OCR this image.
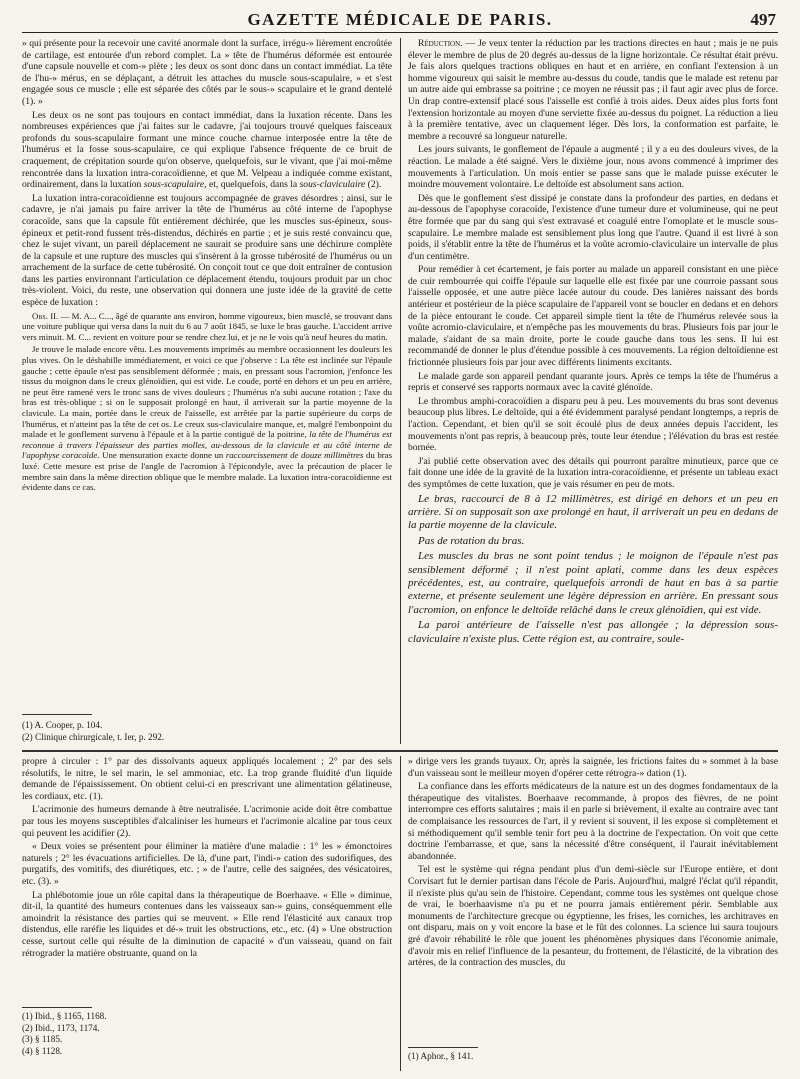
GAZETTE MÉDICALE DE PARIS.	497

» qui présente pour la recevoir une cavité anormale dont la surface, irrégu-» lièrement encroûtée de cartilage, est entourée d'un rebord complet. La » tête de l'humérus déformée est entourée d'une capsule nouvelle et com-» plète ; les deux os sont donc dans un contact immédiat. La tête de l'hu-» mérus, en se déplaçant, a détruit les attaches du muscle sous-scapulaire, » et s'est engagée sous ce muscle ; elle est séparée des côtés par le sous-» scapulaire et le grand dentelé (1). »

Les deux os ne sont pas toujours en contact immédiat, dans la luxation récente. Dans les nombreuses expériences que j'ai faites sur le cadavre, j'ai toujours trouvé quelques faisceaux profonds du sous-scapulaire formant une mince couche charnue interposée entre la tête de l'humérus et la fosse sous-scapulaire, ce qui explique l'absence fréquente de ce bruit de craquement, de crépitation sourde qu'on observe, quelquefois, sur le vivant, que j'ai moi-même rencontrée dans la luxation intra-coracoïdienne, et que M. Velpeau a indiquée comme existant, ordinairement, dans la luxation sous-scapulaire, et, quelquefois, dans la sous-claviculaire (2).

La luxation intra-coracoïdienne est toujours accompagnée de graves désordres ; ainsi, sur le cadavre, je n'ai jamais pu faire arriver la tête de l'humérus au côté interne de l'apophyse coracoïde, sans que la capsule fût entièrement déchirée, que les muscles sus-épineux, sous-épineux et petit-rond fussent très-distendus, déchirés en partie ; et je suis resté convaincu que, chez le sujet vivant, un pareil déplacement ne saurait se produire sans une déchirure complète de la capsule et une rupture des muscles qui s'insèrent à la grosse tubérosité de l'humérus ou un arrachement de la surface de cette tubérosité. On conçoit tout ce que doit entraîner de contusion dans les parties environnant l'articulation ce déplacement étendu, toujours produit par un choc très-violent. Voici, du reste, une observation qui donnera une juste idée de la gravité de cette espèce de luxation :

Obs. II. — M. A... C..., âgé de quarante ans environ, homme vigoureux, bien musclé, se trouvant dans une voiture publique qui versa dans la nuit du 6 au 7 août 1845, se luxe le bras gauche. L'accident arrive vers minuit. M. C... revient en voiture pour se rendre chez lui, et je ne le vois qu'à neuf heures du matin.

Je trouve le malade encore vêtu. Les mouvements imprimés au membre occasionnent les douleurs les plus vives. On le déshabille immédiatement, et voici ce que j'observe : La tête est inclinée sur l'épaule gauche ; cette épaule n'est pas sensiblement déformée ; mais, en pressant sous l'acromion, j'enfonce les tissus du moignon dans le creux glénoïdien, qui est vide. Le coude, porté en dehors et un peu en arrière, ne peut être ramené vers le tronc sans de vives douleurs ; l'humérus n'a subi aucune rotation ; l'axe du bras est très-oblique ; si on le supposait prolongé en haut, il arriverait sur la partie moyenne de la clavicule. La main, portée dans le creux de l'aisselle, est arrêtée par la partie supérieure du corps de l'humérus, et n'atteint pas la tête de cet os. Le creux sus-claviculaire manque, et, malgré l'embonpoint du malade et le gonflement survenu à l'épaule et à la partie contiguë de la poitrine, la tête de l'humérus est reconnue à travers l'épaisseur des parties molles, au-dessous de la clavicule et au côté interne de l'apophyse coracoïde. Une mensuration exacte donne un raccourcissement de douze millimètres du bras luxé. Cette mesure est prise de l'angle de l'acromion à l'épicondyle, avec la précaution de placer le membre sain dans la même direction oblique que le membre malade. La luxation intra-coracoïdienne est évidente dans ce cas.

(1) A. Cooper, p. 104.
(2) Clinique chirurgicale, t. Ier, p. 292.

Réduction. — Je veux tenter la réduction par les tractions directes en haut ; mais je ne puis élever le membre de plus de 20 degrés au-dessus de la ligne horizontale. Ce résultat était prévu. Je fais alors quelques tractions obliques en haut et en arrière, en confiant l'extension à un homme vigoureux qui saisit le membre au-dessus du coude, tandis que le malade est retenu par un autre aide qui embrasse sa poitrine ; ce moyen ne réussit pas ; il faut agir avec plus de force. Un drap contre-extensif placé sous l'aisselle est confié à trois aides. Deux aides plus forts font l'extension horizontale au moyen d'une serviette fixée au-dessus du poignet. La réduction a lieu à la première tentative, avec un claquement léger. Dès lors, la conformation est parfaite, le membre a recouvré sa longueur naturelle.

Les jours suivants, le gonflement de l'épaule a augmenté ; il y a eu des douleurs vives, de la réaction. Le malade a été saigné. Vers le dixième jour, nous avons commencé à imprimer des mouvements à l'articulation. Un mois entier se passe sans que le malade puisse exécuter le moindre mouvement volontaire. Le deltoïde est absolument sans action.

Dès que le gonflement s'est dissipé je constate dans la profondeur des parties, en dedans et au-dessous de l'apophyse coracoïde, l'existence d'une tumeur dure et volumineuse, qui ne peut être formée que par du sang qui s'est extravasé et coagulé entre l'omoplate et le muscle sous-scapulaire. Le membre malade est sensiblement plus long que l'autre. Quand il est livré à son poids, il s'établit entre la tête de l'humérus et la voûte acromio-claviculaire un intervalle de plus d'un centimètre.

Pour remédier à cet écartement, je fais porter au malade un appareil consistant en une pièce de cuir rembourrée qui coiffe l'épaule sur laquelle elle est fixée par une courroie passant sous l'aisselle opposée, et une autre pièce lacée autour du coude. Des lanières naissant des bords antérieur et postérieur de la pièce scapulaire de l'appareil vont se boucler en dedans et en dehors de la pièce entourant le coude. Cet appareil simple tient la tête de l'humérus relevée sous la voûte acromio-claviculaire, et n'empêche pas les mouvements du bras. Plusieurs fois par jour le malade, s'aidant de sa main droite, porte le coude gauche dans tous les sens. Il lui est recommandé de donner le plus d'étendue possible à ces mouvements. La région deltoïdienne est frictionnée plusieurs fois par jour avec différents liniments excitants.

Le malade garde son appareil pendant quarante jours. Après ce temps la tête de l'humérus a repris et conservé ses rapports normaux avec la cavité glénoïde.

Le thrombus amphi-coracoïdien a disparu peu à peu. Les mouvements du bras sont devenus beaucoup plus libres. Le deltoïde, qui a été évidemment paralysé pendant longtemps, a repris de l'action. Cependant, et bien qu'il se soit écoulé plus de deux années depuis l'accident, les mouvements n'ont pas repris, à beaucoup près, toute leur étendue ; l'élévation du bras est restée bornée.

J'ai publié cette observation avec des détails qui pourront paraître minutieux, parce que ce fait donne une idée de la gravité de la luxation intra-coracoïdienne, et présente un tableau exact des symptômes de cette luxation, que je vais résumer en peu de mots.

Le bras, raccourci de 8 à 12 millimètres, est dirigé en dehors et un peu en arrière. Si on supposait son axe prolongé en haut, il arriverait un peu en dedans de la partie moyenne de la clavicule.

Pas de rotation du bras.

Les muscles du bras ne sont point tendus ; le moignon de l'épaule n'est pas sensiblement déformé ; il n'est point aplati, comme dans les deux espèces précédentes, est, au contraire, quelquefois arrondi de haut en bas à sa partie externe, et présente seulement une légère dépression en arrière. En pressant sous l'acromion, on enfonce le deltoïde relâché dans le creux glénoïdien, qui est vide.

La paroi antérieure de l'aisselle n'est pas allongée ; la dépression sous-claviculaire n'existe plus. Cette région est, au contraire, soule-

propre à circuler : 1° par des dissolvants aqueux appliqués localement ; 2° par des sels résolutifs, le nitre, le sel marin, le sel ammoniac, etc. La trop grande fluidité d'un liquide demande de l'épaississement. On obtient celui-ci en prescrivant une alimentation gélatineuse, les cordiaux, etc. (1).

L'acrimonie des humeurs demande à être neutralisée. L'acrimonie acide doit être combattue par tous les moyens susceptibles d'alcaliniser les humeurs et l'acrimonie alcaline par tous ceux qui peuvent les acidifier (2).

« Deux voies se présentent pour éliminer la matière d'une maladie : 1° les » émonctoires naturels ; 2° les évacuations artificielles. De là, d'une part, l'indi-» cation des sudorifiques, des purgatifs, des vomitifs, des diurétiques, etc. ; » de l'autre, celle des saignées, des vésicatoires, etc. (3). »

La phlébotomie joue un rôle capital dans la thérapeutique de Boerhaave. « Elle » diminue, dit-il, la quantité des humeurs contenues dans les vaisseaux san-» guins, conséquemment elle amoindrit la résistance des parties qui se meuvent. » Elle rend l'élasticité aux canaux trop distendus, elle raréfie les liquides et dé-» truit les obstructions, etc., etc. (4) » Une obstruction cesse, surtout celle qui résulte de la diminution de capacité » d'un vaisseau, quand on fait rétrograder la matière obstruante, quand on la

(1) Ibid., § 1165, 1168.
(2) Ibid., 1173, 1174.
(3) § 1185.
(4) § 1128.

» dirige vers les grands tuyaux. Or, après la saignée, les frictions faites du » sommet à la base d'un vaisseau sont le meilleur moyen d'opérer cette rétrogra-» dation (1).

La confiance dans les efforts médicateurs de la nature est un des dogmes fondamentaux de la thérapeutique des vitalistes. Boerhaave recommande, à propos des fièvres, de ne point interrompre ces efforts salutaires ; mais il en parle si brièvement, il exalte au contraire avec tant de complaisance les ressources de l'art, il y revient si souvent, il les expose si complètement et si méthodiquement qu'il semble tenir fort peu à la doctrine de l'expectation. On voit que cette doctrine l'embarrasse, et que, sans la nécessité d'être conséquent, il l'aurait inévitablement abandonnée.

Tel est le système qui régna pendant plus d'un demi-siècle sur l'Europe entière, et dont Corvisart fut le dernier partisan dans l'école de Paris. Aujourd'hui, malgré l'éclat qu'il répandit, il n'existe plus qu'au sein de l'histoire. Cependant, comme tous les systèmes ont quelque chose de vrai, le boerhaavisme n'a pu et ne pourra jamais entièrement périr. Semblable aux monuments de l'architecture grecque ou égyptienne, les frises, les corniches, les architraves en ont disparu, mais on y voit encore la base et le fût des colonnes. La science lui saura toujours gré d'avoir réhabilité le rôle que jouent les phénomènes physiques dans l'économie animale, d'avoir mis en relief l'influence de la pesanteur, du frottement, de l'élasticité, de la vibration des artères, de la contraction des muscles, du

(1) Aphor., § 141.
